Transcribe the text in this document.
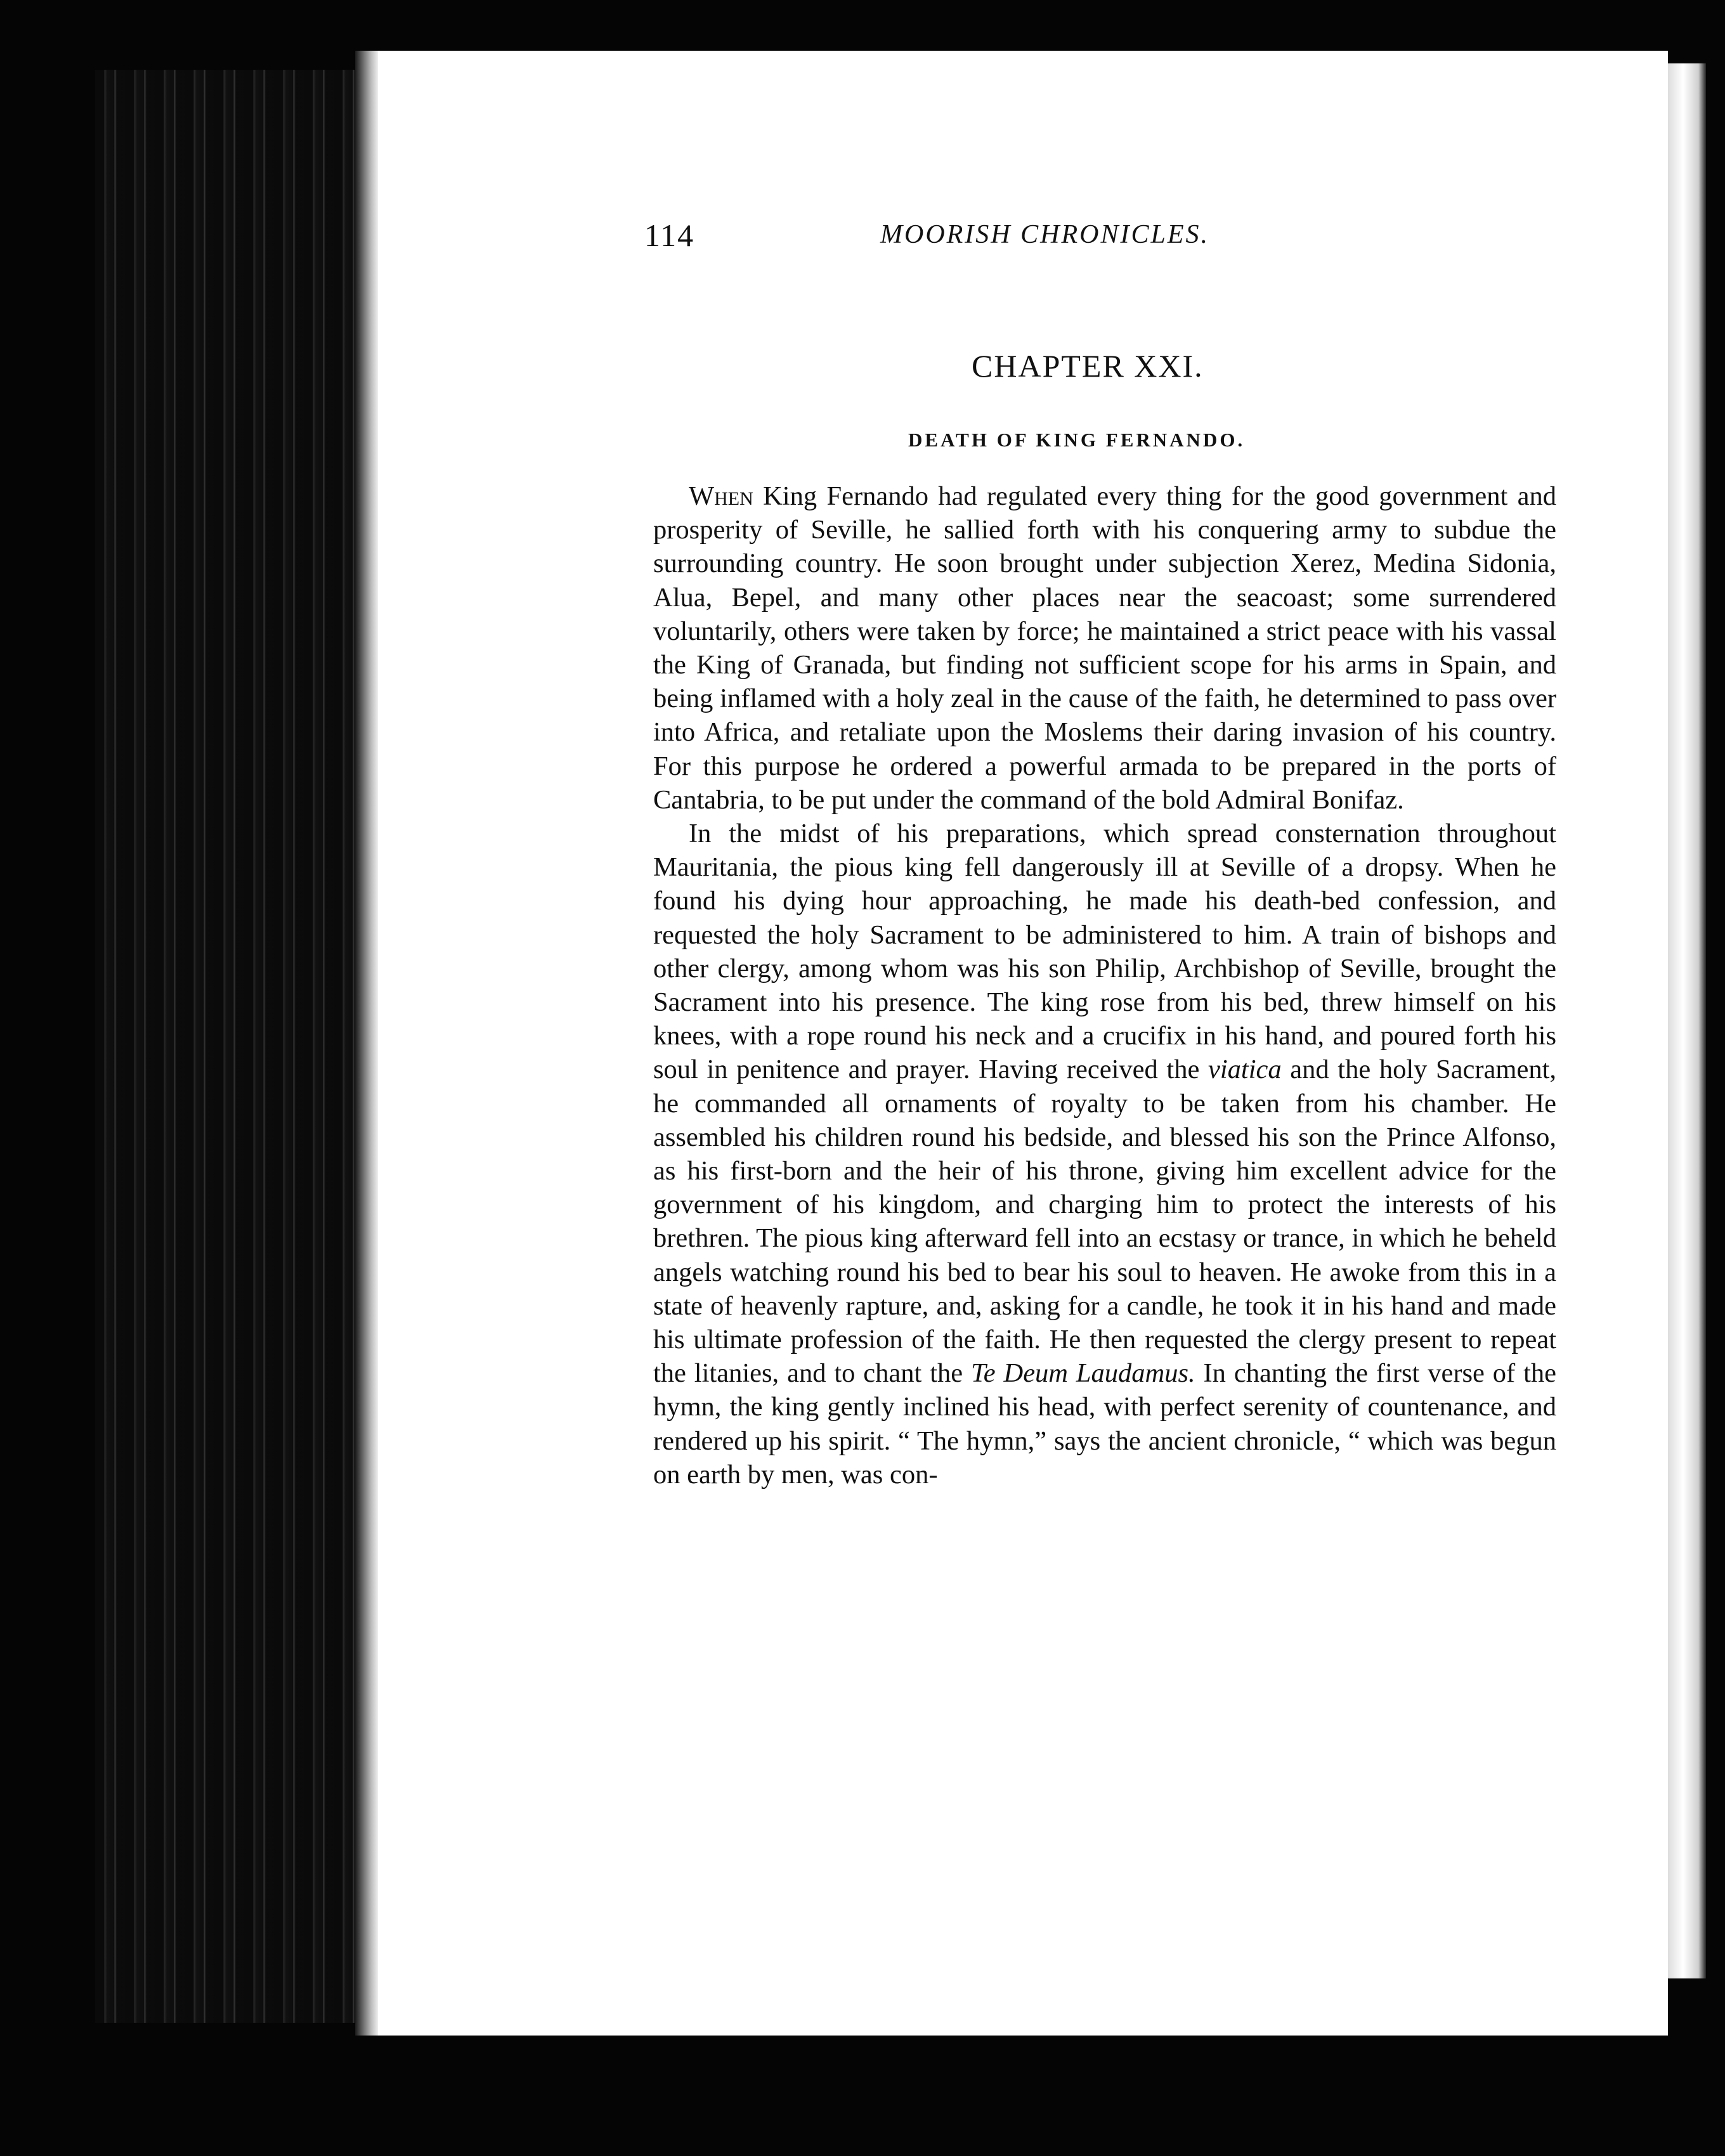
114	MOORISH CHRONICLES.
CHAPTER XXI.
DEATH OF KING FERNANDO.

When King Fernando had regulated every thing for the good government and prosperity of Seville, he sallied forth with his conquering army to subdue the surrounding country. He soon brought under subjection Xerez, Medina Sidonia, Alua, Bepel, and many other places near the seacoast; some surrendered voluntarily, others were taken by force; he maintained a strict peace with his vassal the King of Granada, but finding not sufficient scope for his arms in Spain, and being inflamed with a holy zeal in the cause of the faith, he determined to pass over into Africa, and retaliate upon the Moslems their daring invasion of his country. For this purpose he ordered a powerful armada to be prepared in the ports of Cantabria, to be put under the command of the bold Admiral Bonifaz.

In the midst of his preparations, which spread consternation throughout Mauritania, the pious king fell dangerously ill at Seville of a dropsy. When he found his dying hour approaching, he made his death-bed confession, and requested the holy Sacrament to be administered to him. A train of bishops and other clergy, among whom was his son Philip, Archbishop of Seville, brought the Sacrament into his presence. The king rose from his bed, threw himself on his knees, with a rope round his neck and a crucifix in his hand, and poured forth his soul in penitence and prayer. Having received the viatica and the holy Sacrament, he commanded all ornaments of royalty to be taken from his chamber. He assembled his children round his bedside, and blessed his son the Prince Alfonso, as his first-born and the heir of his throne, giving him excellent advice for the government of his kingdom, and charging him to protect the interests of his brethren. The pious king afterward fell into an ecstasy or trance, in which he beheld angels watching round his bed to bear his soul to heaven. He awoke from this in a state of heavenly rapture, and, asking for a candle, he took it in his hand and made his ultimate profession of the faith. He then requested the clergy present to repeat the litanies, and to chant the Te Deum Laudamus. In chanting the first verse of the hymn, the king gently inclined his head, with perfect serenity of countenance, and rendered up his spirit. “ The hymn,” says the ancient chronicle, “ which was begun on earth by men, was con-
